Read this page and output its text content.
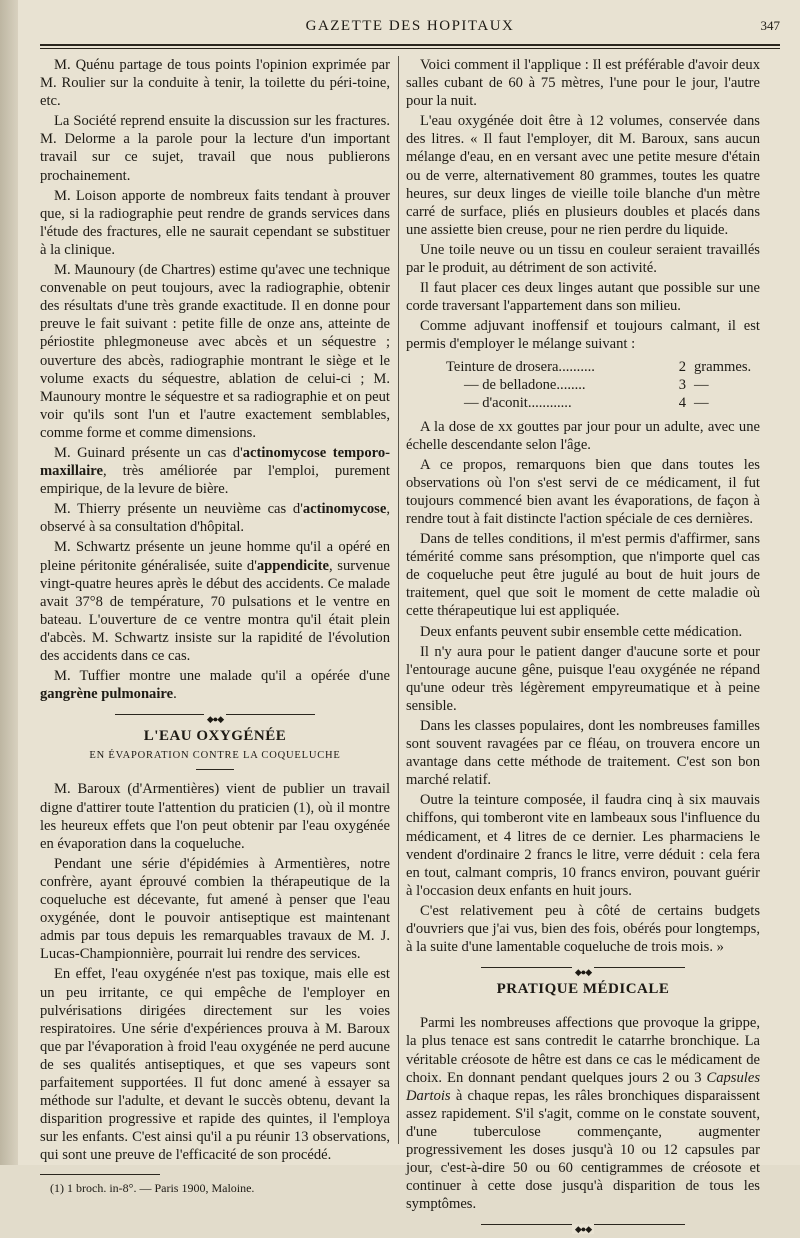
GAZETTE DES HOPITAUX	347

M. Quénu partage de tous points l'opinion exprimée par M. Roulier sur la conduite à tenir, la toilette du péri-toine, etc.

La Société reprend ensuite la discussion sur les fractures. M. Delorme a la parole pour la lecture d'un important travail sur ce sujet, travail que nous publierons prochainement.

M. Loison apporte de nombreux faits tendant à prouver que, si la radiographie peut rendre de grands services dans l'étude des fractures, elle ne saurait cependant se substituer à la clinique.

M. Maunoury (de Chartres) estime qu'avec une technique convenable on peut toujours, avec la radiographie, obtenir des résultats d'une très grande exactitude. Il en donne pour preuve le fait suivant : petite fille de onze ans, atteinte de périostite phlegmoneuse avec abcès et un séquestre ; ouverture des abcès, radiographie montrant le siège et le volume exacts du séquestre, ablation de celui-ci ; M. Maunoury montre le séquestre et sa radiographie et on peut voir qu'ils sont l'un et l'autre exactement semblables, comme forme et comme dimensions.

M. Guinard présente un cas d'actinomycose temporo-maxillaire, très améliorée par l'emploi, purement empirique, de la levure de bière.

M. Thierry présente un neuvième cas d'actinomycose, observé à sa consultation d'hôpital.

M. Schwartz présente un jeune homme qu'il a opéré en pleine péritonite généralisée, suite d'appendicite, survenue vingt-quatre heures après le début des accidents. Ce malade avait 37°8 de température, 70 pulsations et le ventre en bateau. L'ouverture de ce ventre montra qu'il était plein d'abcès. M. Schwartz insiste sur la rapidité de l'évolution des accidents dans ce cas.

M. Tuffier montre une malade qu'il a opérée d'une gangrène pulmonaire.

◆●◆
L'EAU OXYGÉNÉE
EN ÉVAPORATION CONTRE LA COQUELUCHE

M. Baroux (d'Armentières) vient de publier un travail digne d'attirer toute l'attention du praticien (1), où il montre les heureux effets que l'on peut obtenir par l'eau oxygénée en évaporation dans la coqueluche.

Pendant une série d'épidémies à Armentières, notre confrère, ayant éprouvé combien la thérapeutique de la coqueluche est décevante, fut amené à penser que l'eau oxygénée, dont le pouvoir antiseptique est maintenant admis par tous depuis les remarquables travaux de M. J. Lucas-Championnière, pourrait lui rendre des services.

En effet, l'eau oxygénée n'est pas toxique, mais elle est un peu irritante, ce qui empêche de l'employer en pulvérisations dirigées directement sur les voies respiratoires. Une série d'expériences prouva à M. Baroux que par l'évaporation à froid l'eau oxygénée ne perd aucune de ses qualités antiseptiques, et que ses vapeurs sont parfaitement supportées. Il fut donc amené à essayer sa méthode sur l'adulte, et devant le succès obtenu, devant la disparition progressive et rapide des quintes, il l'employa sur les enfants. C'est ainsi qu'il a pu réunir 13 observations, qui sont une preuve de l'efficacité de son procédé.

(1) 1 broch. in-8°. — Paris 1900, Maloine.

Voici comment il l'applique : Il est préférable d'avoir deux salles cubant de 60 à 75 mètres, l'une pour le jour, l'autre pour la nuit.

L'eau oxygénée doit être à 12 volumes, conservée dans des litres. « Il faut l'employer, dit M. Baroux, sans aucun mélange d'eau, en en versant avec une petite mesure d'étain ou de verre, alternativement 80 grammes, toutes les quatre heures, sur deux linges de vieille toile blanche d'un mètre carré de surface, pliés en plusieurs doubles et placés dans une assiette bien creuse, pour ne rien perdre du liquide.

Une toile neuve ou un tissu en couleur seraient travaillés par le produit, au détriment de son activité.

Il faut placer ces deux linges autant que possible sur une corde traversant l'appartement dans son milieu.

Comme adjuvant inoffensif et toujours calmant, il est permis d'employer le mélange suivant :

Teinture de drosera..........	2 grammes.
— de belladone........	3 —
— d'aconit............	4 —

A la dose de xx gouttes par jour pour un adulte, avec une échelle descendante selon l'âge.

A ce propos, remarquons bien que dans toutes les observations où l'on s'est servi de ce médicament, il fut toujours commencé bien avant les évaporations, de façon à rendre tout à fait distincte l'action spéciale de ces dernières.

Dans de telles conditions, il m'est permis d'affirmer, sans témérité comme sans présomption, que n'importe quel cas de coqueluche peut être jugulé au bout de huit jours de traitement, quel que soit le moment de cette maladie où cette thérapeutique lui est appliquée.

Deux enfants peuvent subir ensemble cette médication.

Il n'y aura pour le patient danger d'aucune sorte et pour l'entourage aucune gêne, puisque l'eau oxygénée ne répand qu'une odeur très légèrement empyreumatique et à peine sensible.

Dans les classes populaires, dont les nombreuses familles sont souvent ravagées par ce fléau, on trouvera encore un avantage dans cette méthode de traitement. C'est son bon marché relatif.

Outre la teinture composée, il faudra cinq à six mauvais chiffons, qui tomberont vite en lambeaux sous l'influence du médicament, et 4 litres de ce dernier. Les pharmaciens le vendent d'ordinaire 2 francs le litre, verre déduit : cela fera en tout, calmant compris, 10 francs environ, pouvant guérir à l'occasion deux enfants en huit jours.

C'est relativement peu à côté de certains budgets d'ouvriers que j'ai vus, bien des fois, obérés pour longtemps, à la suite d'une lamentable coqueluche de trois mois. »

◆●◆
PRATIQUE MÉDICALE

Parmi les nombreuses affections que provoque la grippe, la plus tenace est sans contredit le catarrhe bronchique. La véritable créosote de hêtre est dans ce cas le médicament de choix. En donnant pendant quelques jours 2 ou 3 Capsules Dartois à chaque repas, les râles bronchiques disparaissent assez rapidement. S'il s'agit, comme on le constate souvent, d'une tuberculose commençante, augmenter progressivement les doses jusqu'à 10 ou 12 capsules par jour, c'est-à-dire 50 ou 60 centigrammes de créosote et continuer à cette dose jusqu'à disparition de tous les symptômes.

◆●◆
